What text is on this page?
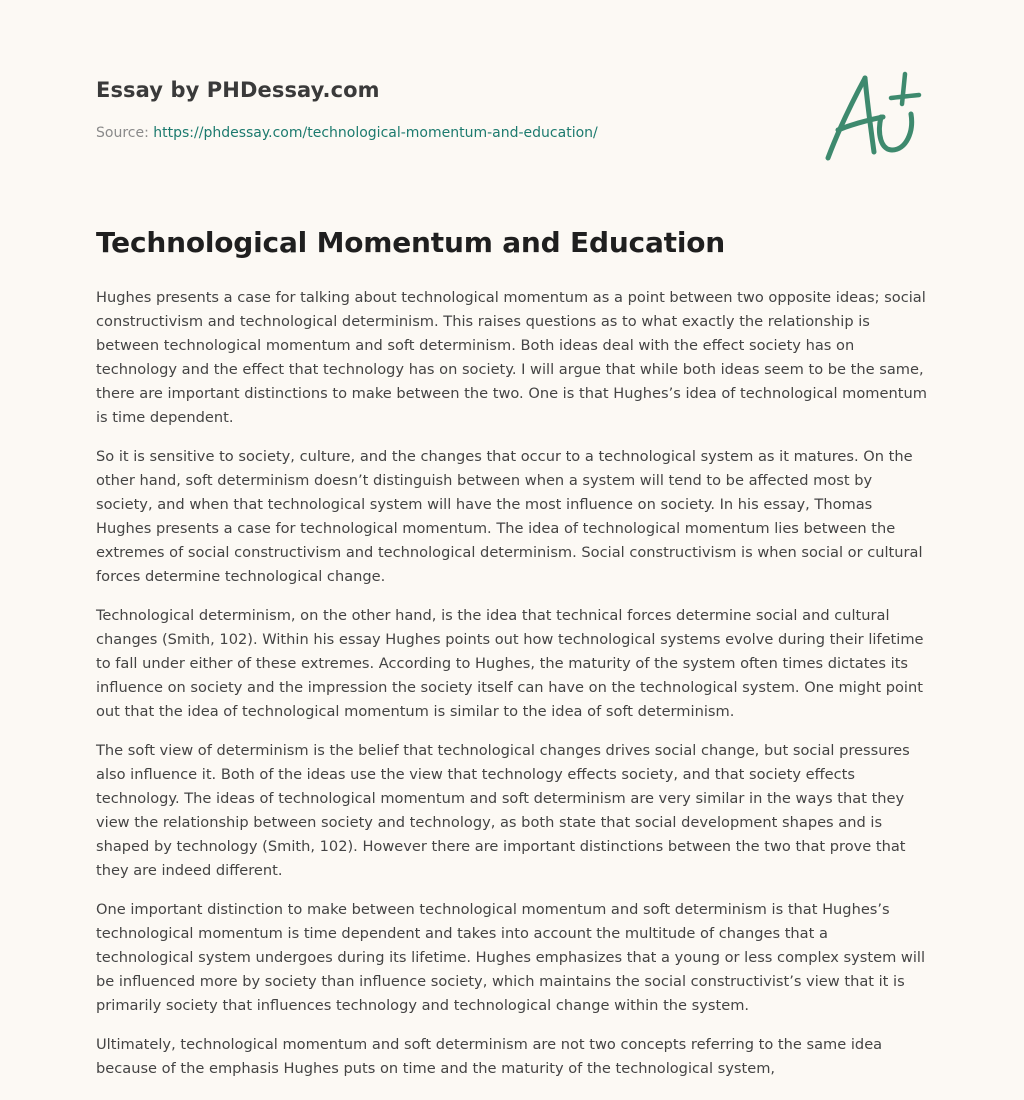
Essay by PHDessay.com

Source: https://phdessay.com/technological-momentum-and-education/

Technological Momentum and Education

Hughes presents a case for talking about technological momentum as a point between two opposite ideas; social constructivism and technological determinism. This raises questions as to what exactly the relationship is between technological momentum and soft determinism. Both ideas deal with the effect society has on technology and the effect that technology has on society. I will argue that while both ideas seem to be the same, there are important distinctions to make between the two. One is that Hughes’s idea of technological momentum is time dependent.

So it is sensitive to society, culture, and the changes that occur to a technological system as it matures. On the other hand, soft determinism doesn’t distinguish between when a system will tend to be affected most by society, and when that technological system will have the most influence on society. In his essay, Thomas Hughes presents a case for technological momentum. The idea of technological momentum lies between the extremes of social constructivism and technological determinism. Social constructivism is when social or cultural forces determine technological change.

Technological determinism, on the other hand, is the idea that technical forces determine social and cultural changes (Smith, 102). Within his essay Hughes points out how technological systems evolve during their lifetime to fall under either of these extremes. According to Hughes, the maturity of the system often times dictates its influence on society and the impression the society itself can have on the technological system. One might point out that the idea of technological momentum is similar to the idea of soft determinism.

The soft view of determinism is the belief that technological changes drives social change, but social pressures also influence it. Both of the ideas use the view that technology effects society, and that society effects technology. The ideas of technological momentum and soft determinism are very similar in the ways that they view the relationship between society and technology, as both state that social development shapes and is shaped by technology (Smith, 102). However there are important distinctions between the two that prove that they are indeed different.

One important distinction to make between technological momentum and soft determinism is that Hughes’s technological momentum is time dependent and takes into account the multitude of changes that a technological system undergoes during its lifetime. Hughes emphasizes that a young or less complex system will be influenced more by society than influence society, which maintains the social constructivist’s view that it is primarily society that influences technology and technological change within the system.

Ultimately, technological momentum and soft determinism are not two concepts referring to the same idea because of the emphasis Hughes puts on time and the maturity of the technological system,
